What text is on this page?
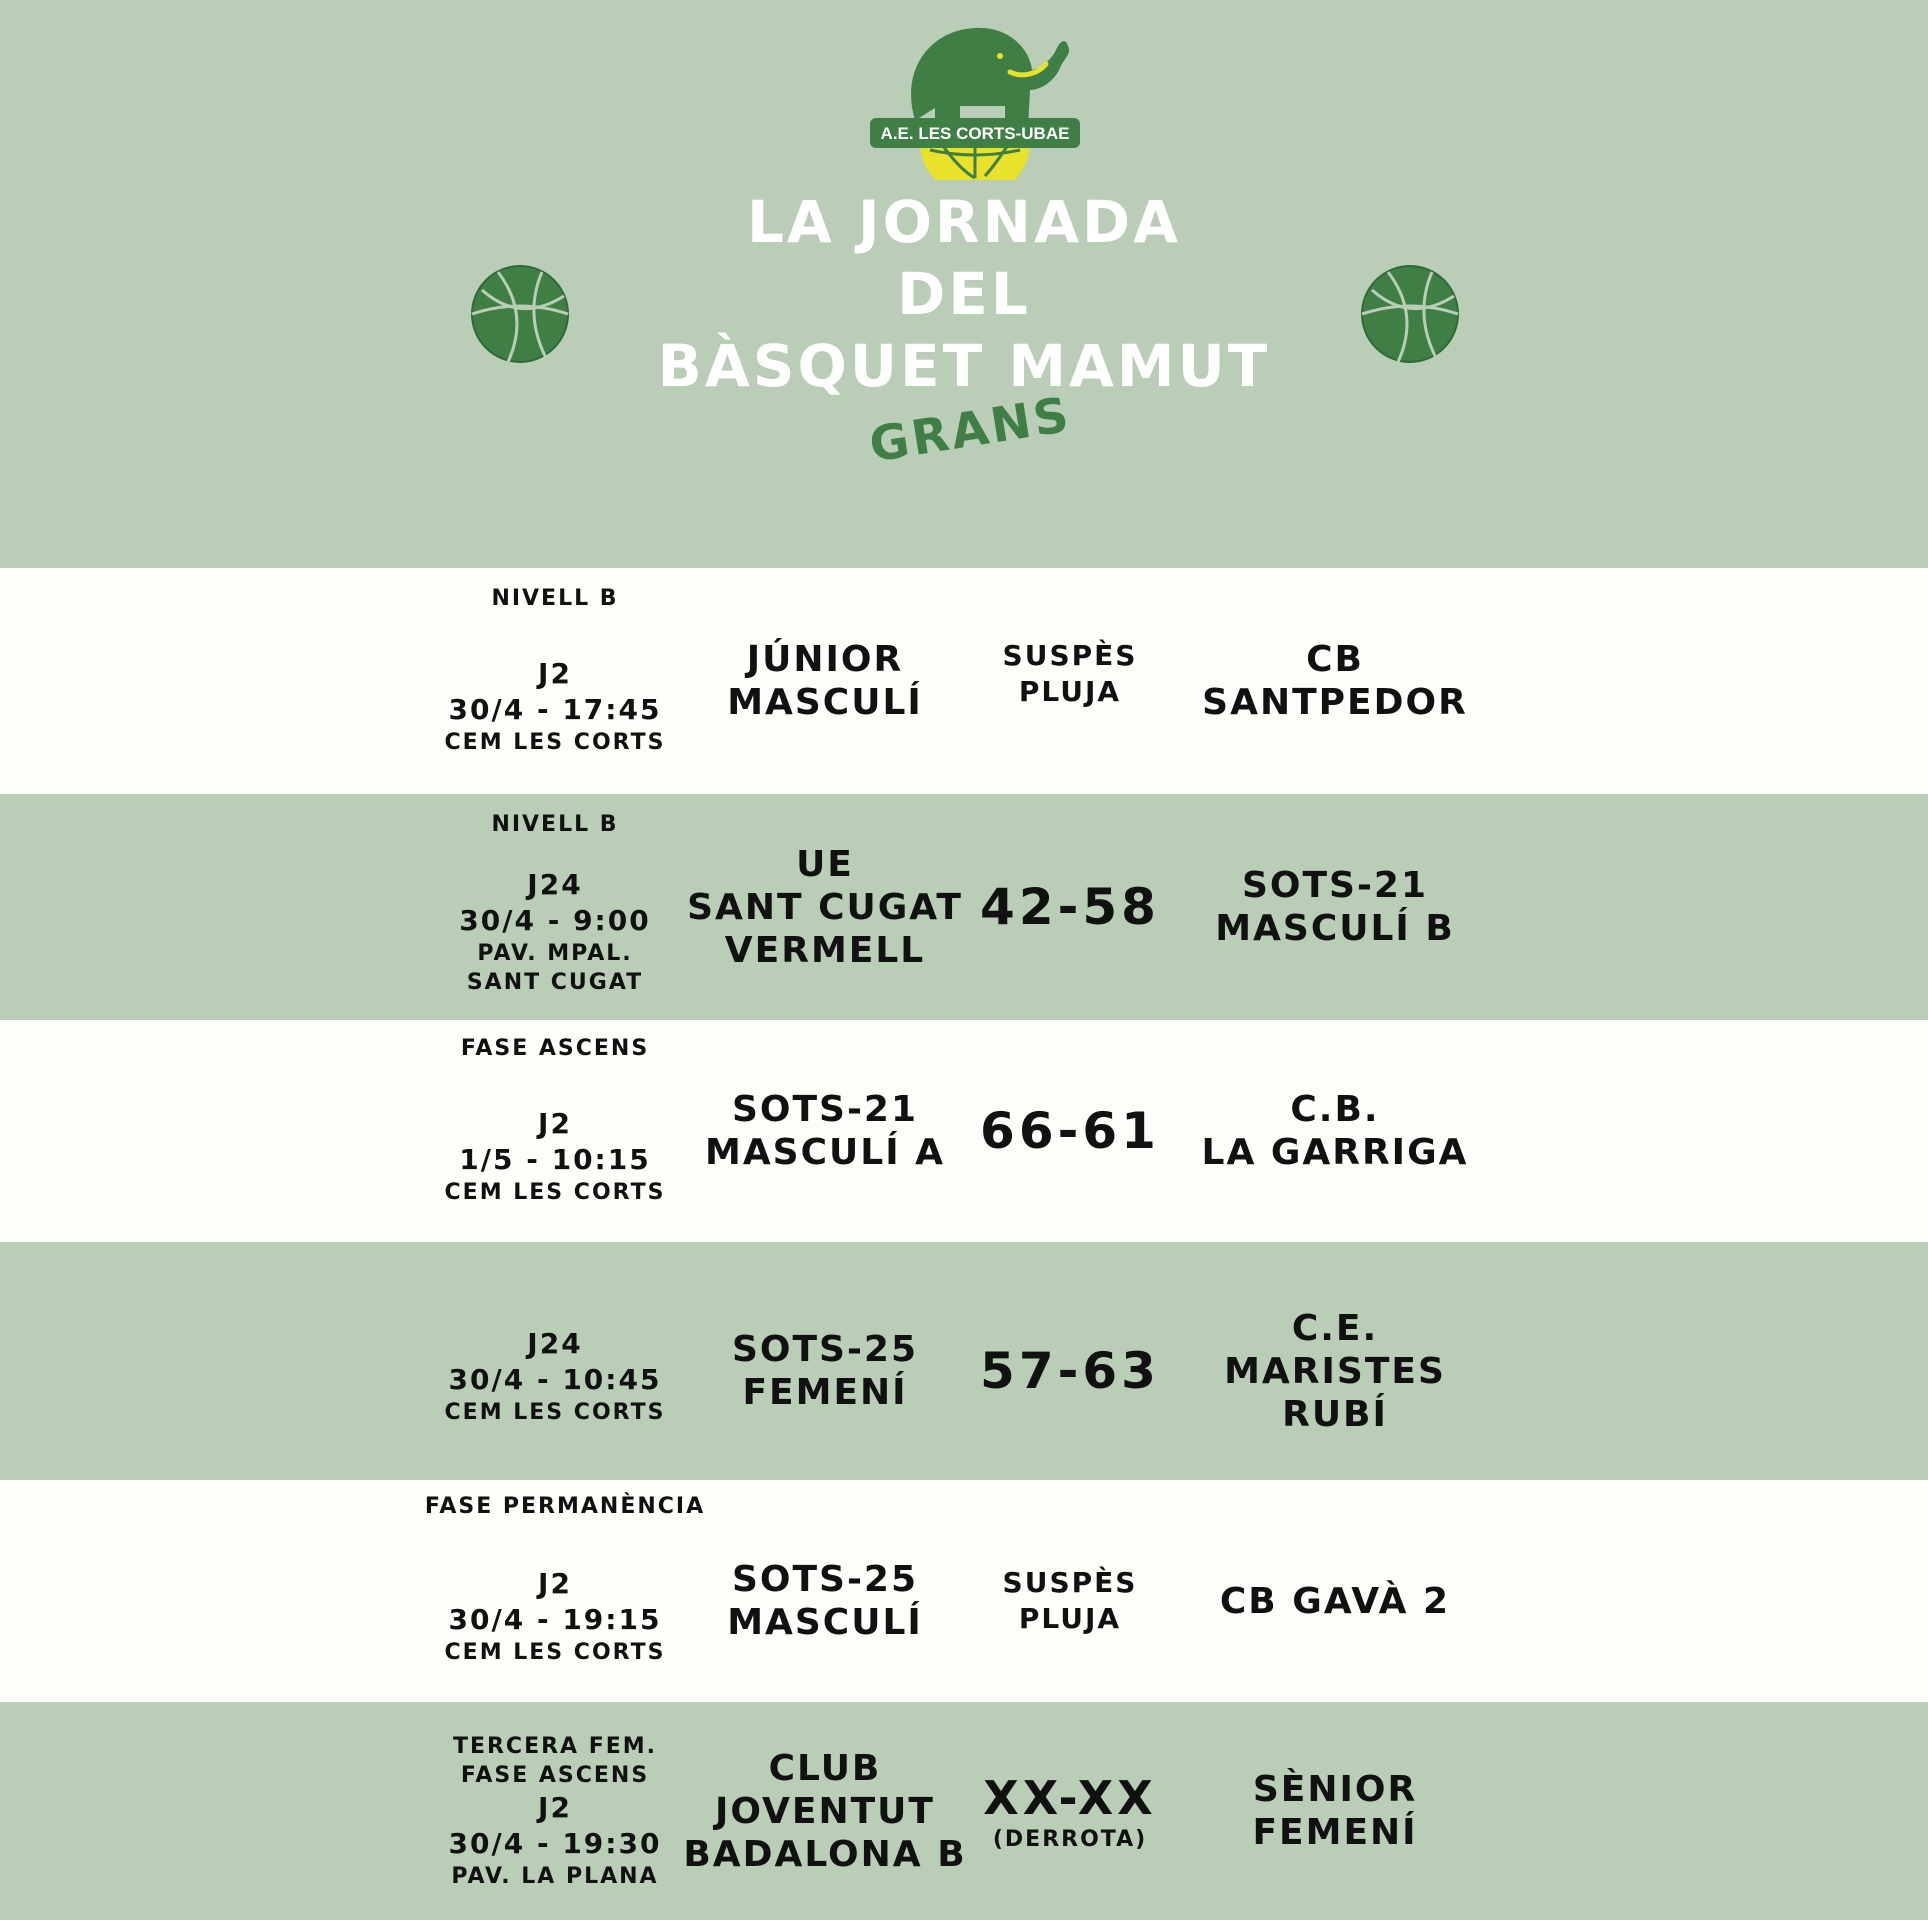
A.E. LES CORTS-UBAE
LA JORNADA
DEL
BÀSQUET MAMUT
GRANS
NIVELL B
J2
30/4 - 17:45
CEM LES CORTS
JÚNIOR
MASCULÍ
SUSPÈS
PLUJA
CB
SANTPEDOR
NIVELL B
J24
30/4 - 9:00
PAV. MPAL.
SANT CUGAT
UE
SANT CUGAT
VERMELL
42-58 SOTS-21
MASCULÍ B
FASE ASCENS
J2
1/5 - 10:15
CEM LES CORTS
SOTS-21
MASCULÍ A 66-61	C.B.
LA GARRIGA
J24
30/4 - 10:45
CEM LES CORTS
SOTS-25
FEMENÍ 57-63
C.E.
MARISTES
RUBÍ
FASE PERMANÈNCIA
J2
30/4 - 19:15
CEM LES CORTS
SOTS-25
MASCULÍ
SUSPÈS
PLUJA	CB GAVÀ 2
TERCERA FEM.
FASE ASCENS
J2
30/4 - 19:30
PAV. LA PLANA
CLUB
JOVENTUT
BADALONA B
XX-XX
(DERROTA)
SÈNIOR
FEMENÍ
